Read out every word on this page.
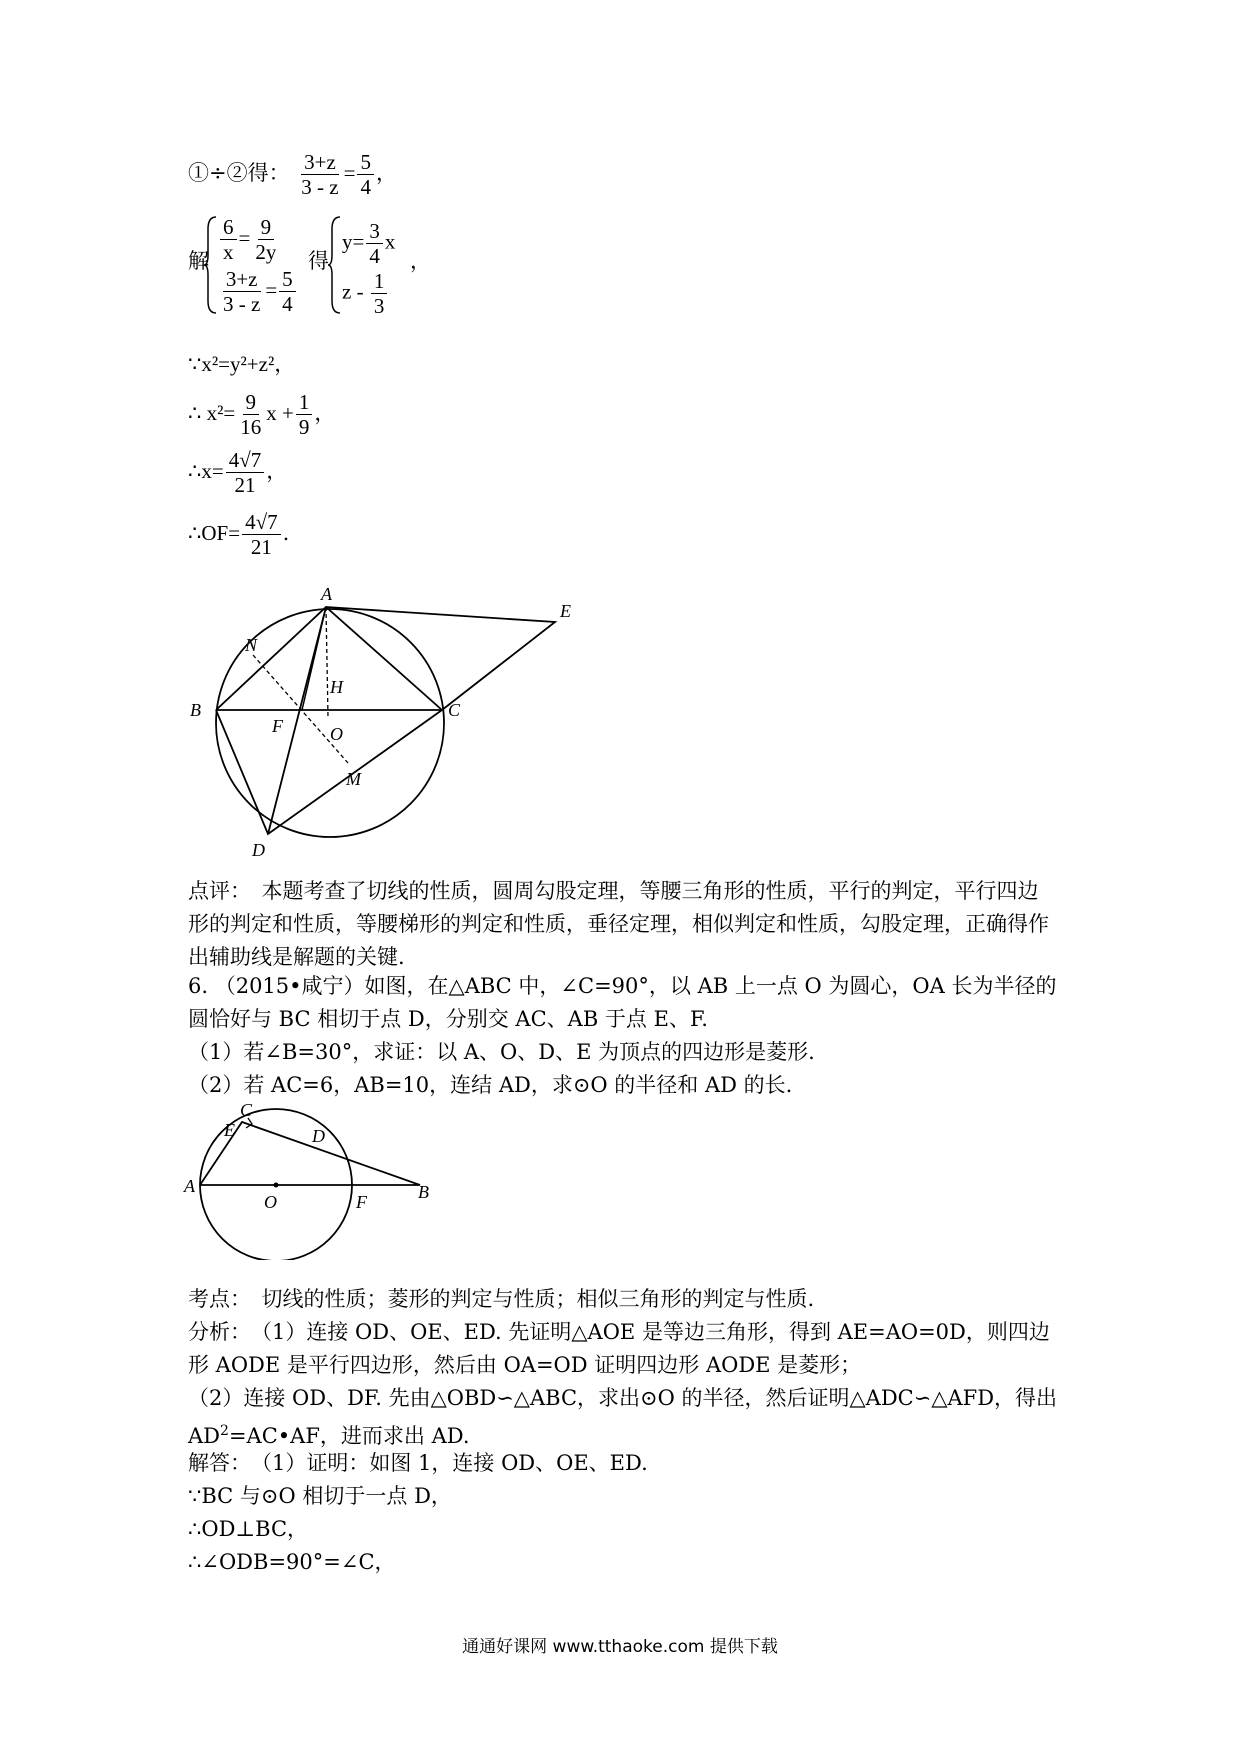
①÷②得： $\frac{3+z}{3 - z} = \frac{5}{4}$ ，
解 $\frac{6}{x} = \frac{9}{2y}$
$\frac{3+z}{3 - z} = \frac{5}{4}$
得
$y= \frac{3}{4}$ x
z - $\frac{1}{3}$
，
∵x²=y²+z²，
∴ $x^2= \frac{9}{16}$ $x + \frac{1}{9}$ ，
∴x= $\frac{4√7}{21}$ ，
∴OF= $\frac{4√7}{21}$ .
A
E
N
H
B
F
C
O
M
D
点评：　本题考查了切线的性质，圆周勾股定理，等腰三角形的性质，平行的判定，平行四边形的判定和性质，等腰梯形的判定和性质，垂径定理，相似判定和性质，勾股定理，正确得作出辅助线是解题的关键.
6. （2015•咸宁）如图，在△ABC 中，∠C=90°，以 AB 上一点 O 为圆心，OA 长为半径的圆恰好与 BC 相切于点 D，分别交 AC、AB 于点 E、F.
（1）若∠B=30°，求证：以 A、O、D、E 为顶点的四边形是菱形.
（2）若 AC=6，AB=10，连结 AD，求⊙O 的半径和 AD 的长.
C
E	D
A
O	F	B
考点：　切线的性质；菱形的判定与性质；相似三角形的判定与性质.
分析：　（1）连接 OD、OE、ED. 先证明△AOE 是等边三角形，得到 AE=AO=0D，则四边形 AODE 是平行四边形，然后由 OA=OD 证明四边形 AODE 是菱形；
（2）连接 OD、DF. 先由△OBD∽△ABC，求出⊙O 的半径，然后证明△ADC∽△AFD，得出 $AD^2=AC•AF$，进而求出 AD.
解答：　（1）证明：如图 1，连接 OD、OE、ED.
∵BC 与⊙O 相切于一点 D，
∴OD⊥BC，
∴∠ODB=90°=∠C，
通通好课网 www.tthaoke.com 提供下载
